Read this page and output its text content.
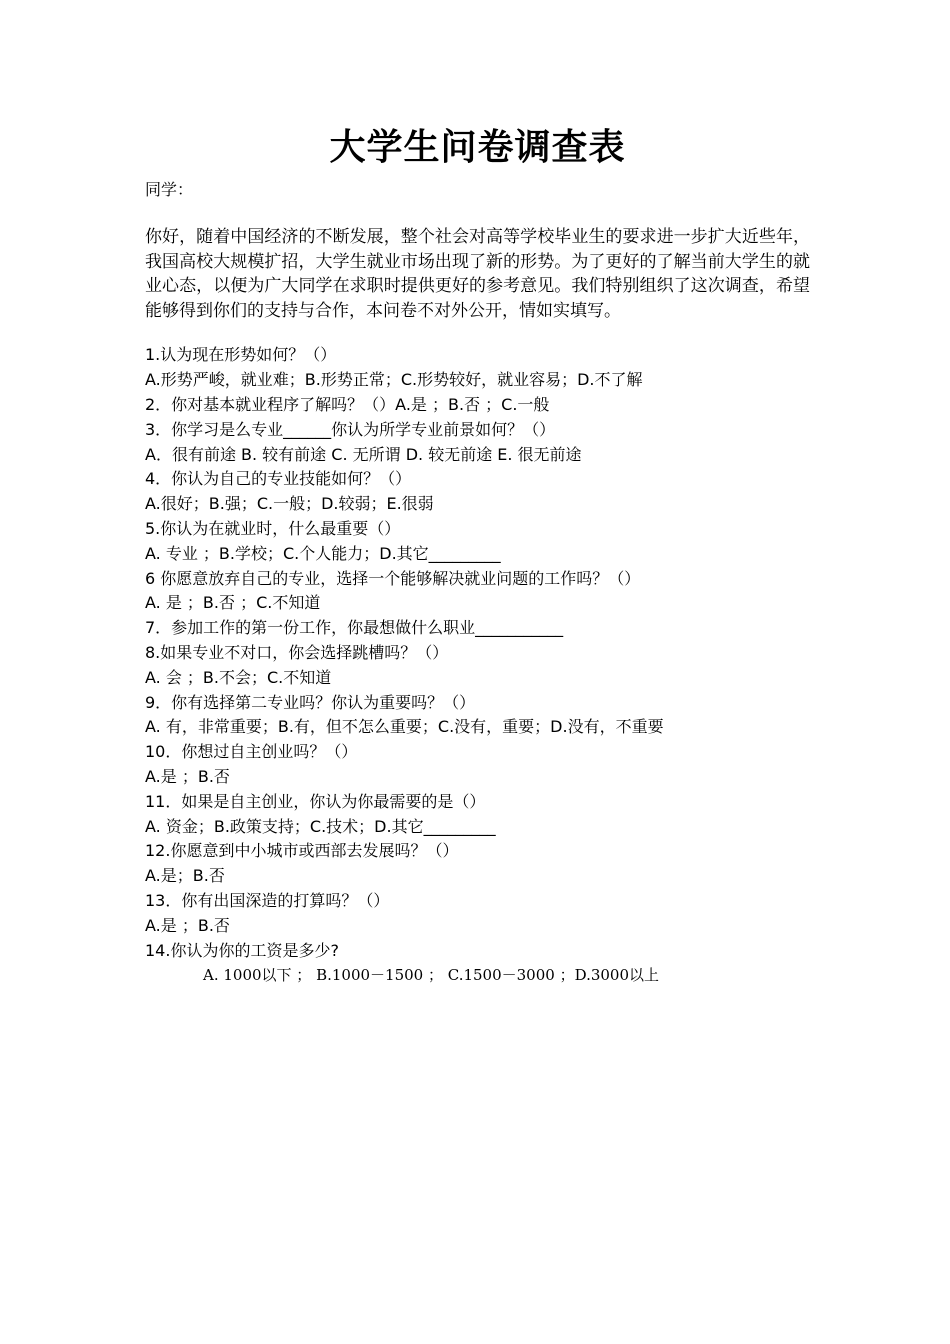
大学生问卷调查表
同学：
你好，随着中国经济的不断发展，整个社会对高等学校毕业生的要求进一步扩大近些年，我国高校大规模扩招，大学生就业市场出现了新的形势。为了更好的了解当前大学生的就业心态，以便为广大同学在求职时提供更好的参考意见。我们特别组织了这次调查，希望能够得到你们的支持与合作，本问卷不对外公开，情如实填写。
1.认为现在形势如何？（）
A.形势严峻，就业难；B.形势正常；C.形势较好，就业容易；D.不了解
2．你对基本就业程序了解吗？（）A.是 ；B.否 ；C.一般
3．你学习是么专业______你认为所学专业前景如何？（）
A．很有前途 B. 较有前途 C. 无所谓 D. 较无前途 E. 很无前途
4．你认为自己的专业技能如何？（）
A.很好；B.强；C.一般；D.较弱；E.很弱
5.你认为在就业时，什么最重要（）
A. 专业 ；B.学校；C.个人能力；D.其它_________
6 你愿意放弃自己的专业，选择一个能够解决就业问题的工作吗？（）
A. 是 ；B.否 ；C.不知道
7．参加工作的第一份工作，你最想做什么职业___________
8.如果专业不对口，你会选择跳槽吗？（）
A. 会 ；B.不会；C.不知道
9．你有选择第二专业吗？你认为重要吗？（）
A. 有，非常重要；B.有，但不怎么重要；C.没有，重要；D.没有，不重要
10．你想过自主创业吗？（）
A.是 ；B.否
11．如果是自主创业，你认为你最需要的是（）
A. 资金；B.政策支持；C.技术；D.其它_________
12.你愿意到中小城市或西部去发展吗？（）
A.是；B.否
13．你有出国深造的打算吗？（）
A.是 ；B.否
14.你认为你的工资是多少?
A. 1000以下 ； B.1000－1500 ； C.1500－3000 ；D.3000以上
